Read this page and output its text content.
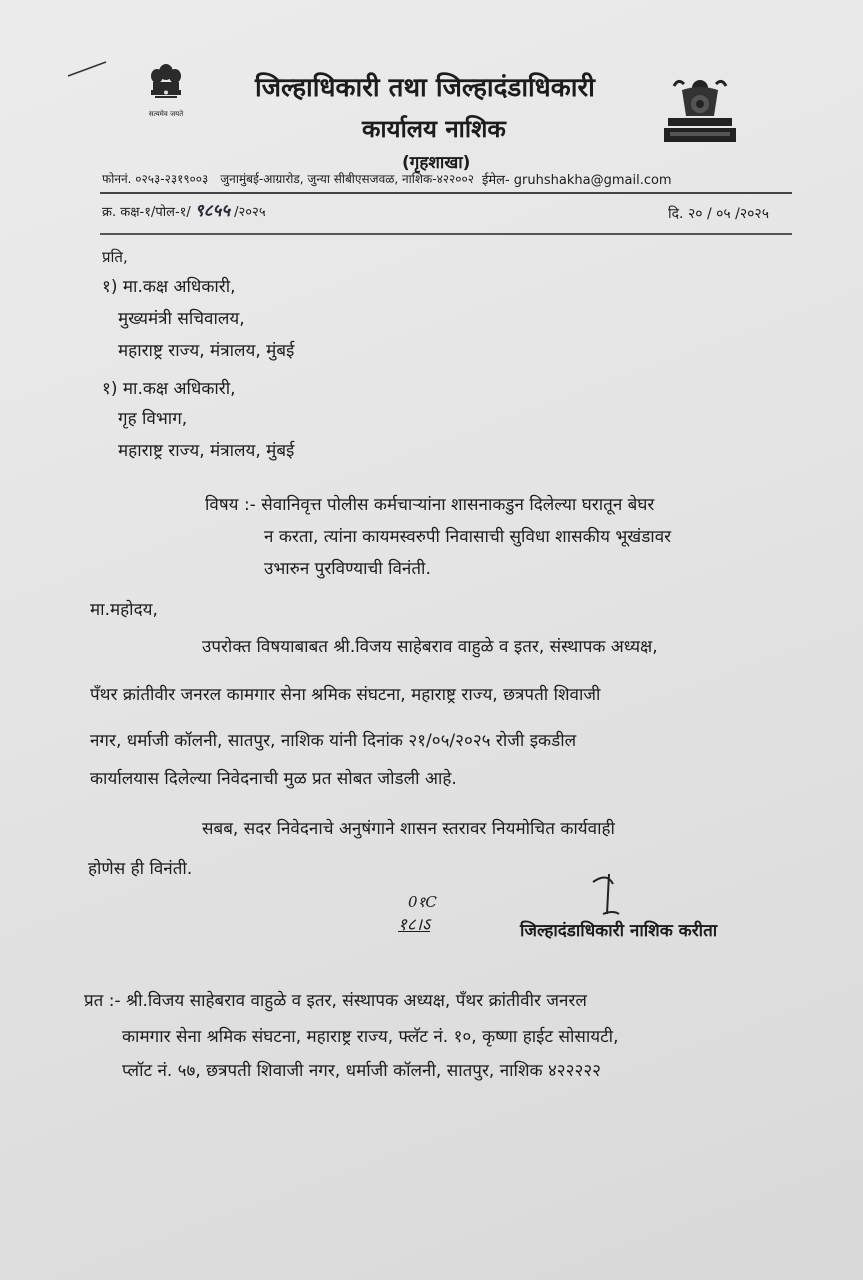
सत्यमेव जयते
जिल्हाधिकारी तथा जिल्हादंडाधिकारी
कार्यालय नाशिक
(गृहशाखा)
फोननं. ०२५३-२३१९००३ जुनामुंबई-आग्रारोड, जुन्या सीबीएसजवळ, नाशिक-४२२००२ ईमेल- gruhshakha@gmail.com
क्र. कक्ष-१/पोल-१/ ९८५५ /२०२५	दि. २० / ०५ /२०२५
प्रति,
१) मा.कक्ष अधिकारी,
मुख्यमंत्री सचिवालय,
महाराष्ट्र राज्य, मंत्रालय, मुंबई
१) मा.कक्ष अधिकारी,
गृह विभाग,
महाराष्ट्र राज्य, मंत्रालय, मुंबई
विषय :- सेवानिवृत्त पोलीस कर्मचाऱ्यांना शासनाकडुन दिलेल्या घरातून बेघर
न करता, त्यांना कायमस्वरुपी निवासाची सुविधा शासकीय भूखंडावर
उभारुन पुरविण्याची विनंती.
मा.महोदय,
उपरोक्त विषयाबाबत श्री.विजय साहेबराव वाहुळे व इतर, संस्थापक अध्यक्ष,
पँथर क्रांतीवीर जनरल कामगार सेना श्रमिक संघटना, महाराष्ट्र राज्य, छत्रपती शिवाजी
नगर, धर्माजी कॉलनी, सातपुर, नाशिक यांनी दिनांक २१/०५/२०२५ रोजी इकडील
कार्यालयास दिलेल्या निवेदनाची मुळ प्रत सोबत जोडली आहे.
सबब, सदर निवेदनाचे अनुषंगाने शासन स्तरावर नियमोचित कार्यवाही
होणेस ही विनंती.
0१C
१८।ऽ	जिल्हादंडाधिकारी नाशिक करीता
प्रत :- श्री.विजय साहेबराव वाहुळे व इतर, संस्थापक अध्यक्ष, पँथर क्रांतीवीर जनरल
कामगार सेना श्रमिक संघटना, महाराष्ट्र राज्य, फ्लॅट नं. १०, कृष्णा हाईट सोसायटी,
प्लॉट नं. ५७, छत्रपती शिवाजी नगर, धर्माजी कॉलनी, सातपुर, नाशिक ४२२२२२
